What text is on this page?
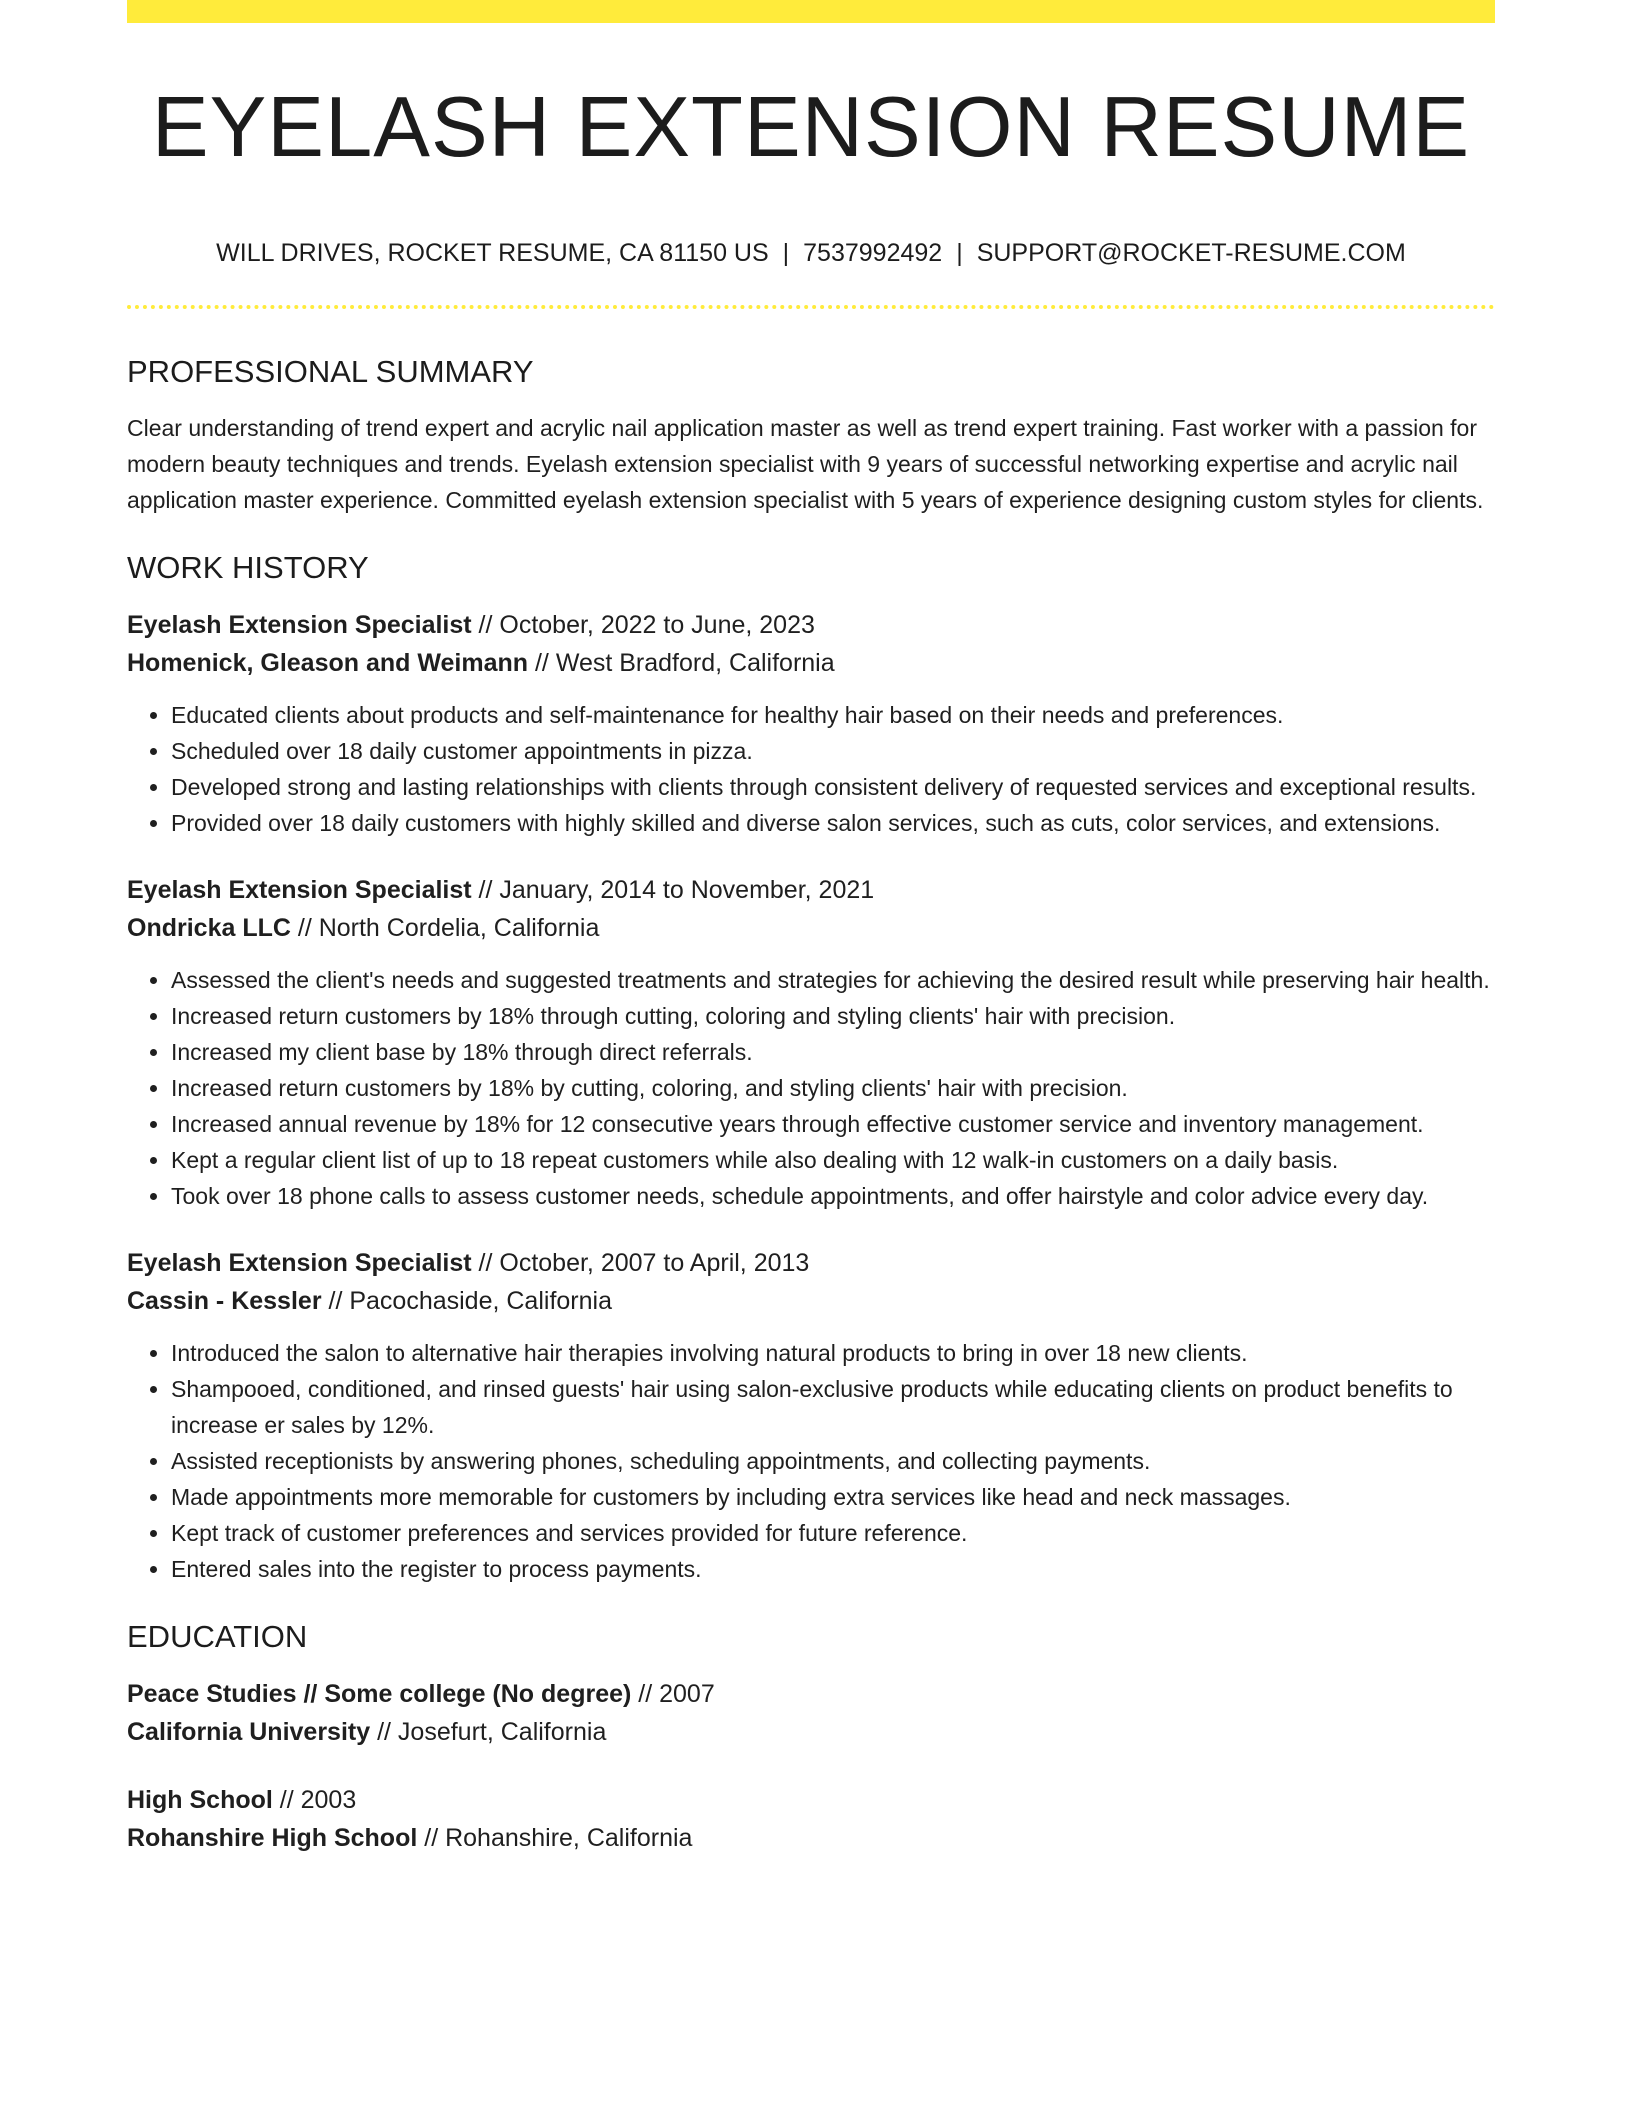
EYELASH EXTENSION RESUME
WILL DRIVES, ROCKET RESUME, CA 81150 US | 7537992492 | SUPPORT@ROCKET-RESUME.COM
PROFESSIONAL SUMMARY

Clear understanding of trend expert and acrylic nail application master as well as trend expert training. Fast worker with a passion for modern beauty techniques and trends. Eyelash extension specialist with 9 years of successful networking expertise and acrylic nail application master experience. Committed eyelash extension specialist with 5 years of experience designing custom styles for clients.

WORK HISTORY
Eyelash Extension Specialist // October, 2022 to June, 2023
Homenick, Gleason and Weimann // West Bradford, California
• Educated clients about products and self-maintenance for healthy hair based on their needs and preferences.
• Scheduled over 18 daily customer appointments in pizza.
• Developed strong and lasting relationships with clients through consistent delivery of requested services and exceptional results.
• Provided over 18 daily customers with highly skilled and diverse salon services, such as cuts, color services, and extensions.
Eyelash Extension Specialist // January, 2014 to November, 2021
Ondricka LLC // North Cordelia, California
• Assessed the client's needs and suggested treatments and strategies for achieving the desired result while preserving hair health.
• Increased return customers by 18% through cutting, coloring and styling clients' hair with precision.
• Increased my client base by 18% through direct referrals.
• Increased return customers by 18% by cutting, coloring, and styling clients' hair with precision.
• Increased annual revenue by 18% for 12 consecutive years through effective customer service and inventory management.
• Kept a regular client list of up to 18 repeat customers while also dealing with 12 walk-in customers on a daily basis.
• Took over 18 phone calls to assess customer needs, schedule appointments, and offer hairstyle and color advice every day.
Eyelash Extension Specialist // October, 2007 to April, 2013
Cassin - Kessler // Pacochaside, California
• Introduced the salon to alternative hair therapies involving natural products to bring in over 18 new clients.
• Shampooed, conditioned, and rinsed guests' hair using salon-exclusive products while educating clients on product benefits to increase er sales by 12%.
• Assisted receptionists by answering phones, scheduling appointments, and collecting payments.
• Made appointments more memorable for customers by including extra services like head and neck massages.
• Kept track of customer preferences and services provided for future reference.
• Entered sales into the register to process payments.
EDUCATION
Peace Studies // Some college (No degree) // 2007
California University // Josefurt, California
High School // 2003
Rohanshire High School // Rohanshire, California
